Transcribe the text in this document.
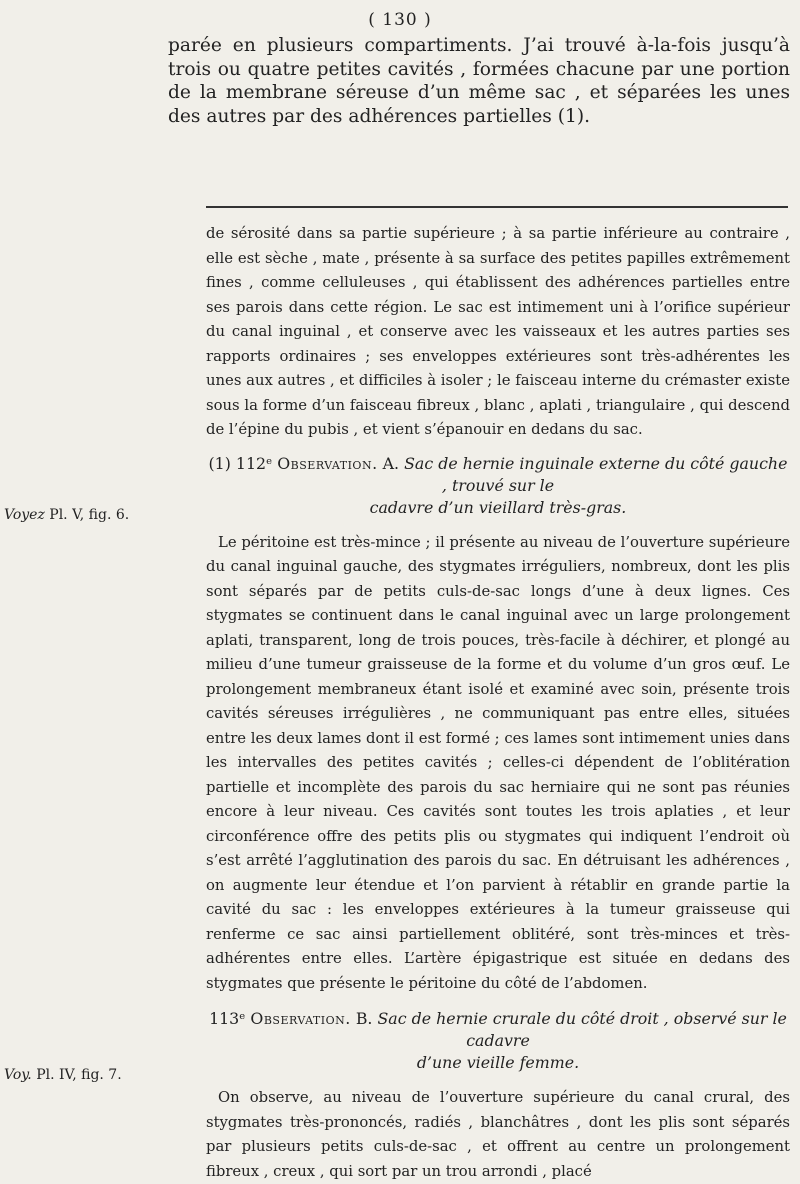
( 130 )
parée en plusieurs compartiments. J’ai trouvé à-la-fois jusqu’à trois ou quatre petites cavités , formées chacune par une portion de la membrane séreuse d’un même sac , et séparées les unes des autres par des adhérences partielles (1).

de sérosité dans sa partie supérieure ; à sa partie inférieure au contraire , elle est sèche , mate , présente à sa surface des petites papilles extrêmement fines , comme celluleuses , qui établissent des adhérences partielles entre ses parois dans cette région. Le sac est intimement uni à l’orifice supérieur du canal inguinal , et conserve avec les vaisseaux et les autres parties ses rapports ordinaires ; ses enveloppes extérieures sont très-adhérentes les unes aux autres , et difficiles à isoler ; le faisceau interne du crémaster existe sous la forme d’un faisceau fibreux , blanc , aplati , triangulaire , qui descend de l’épine du pubis , et vient s’épanouir en dedans du sac.

(1) 112ᵉ Observation. A. Sac de hernie inguinale externe du côté gauche , trouvé sur le
cadavre d’un vieillard très-gras.

Le péritoine est très-mince ; il présente au niveau de l’ouverture supérieure du canal inguinal gauche, des stygmates irréguliers, nombreux, dont les plis sont séparés par de petits culs-de-sac longs d’une à deux lignes. Ces stygmates se continuent dans le canal inguinal avec un large prolongement aplati, transparent, long de trois pouces, très-facile à déchirer, et plongé au milieu d’une tumeur graisseuse de la forme et du volume d’un gros œuf. Le prolongement membraneux étant isolé et examiné avec soin, présente trois cavités séreuses irrégulières , ne communiquant pas entre elles, situées entre les deux lames dont il est formé ; ces lames sont intimement unies dans les intervalles des petites cavités ; celles-ci dépendent de l’oblitération partielle et incomplète des parois du sac herniaire qui ne sont pas réunies encore à leur niveau. Ces cavités sont toutes les trois aplaties , et leur circonférence offre des petits plis ou stygmates qui indiquent l’endroit où s’est arrêté l’agglutination des parois du sac. En détruisant les adhérences , on augmente leur étendue et l’on parvient à rétablir en grande partie la cavité du sac : les enveloppes extérieures à la tumeur graisseuse qui renferme ce sac ainsi partiellement oblitéré, sont très-minces et très-adhérentes entre elles. L’artère épigastrique est située en dedans des stygmates que présente le péritoine du côté de l’abdomen.

113ᵉ Observation. B. Sac de hernie crurale du côté droit , observé sur le cadavre
d’une vieille femme.

On observe, au niveau de l’ouverture supérieure du canal crural, des stygmates très-prononcés, radiés , blanchâtres , dont les plis sont séparés par plusieurs petits culs-de-sac , et offrent au centre un prolongement fibreux , creux , qui sort par un trou arrondi , placé

Voyez Pl. V, fig. 6.
Voy. Pl. IV, fig. 7.
